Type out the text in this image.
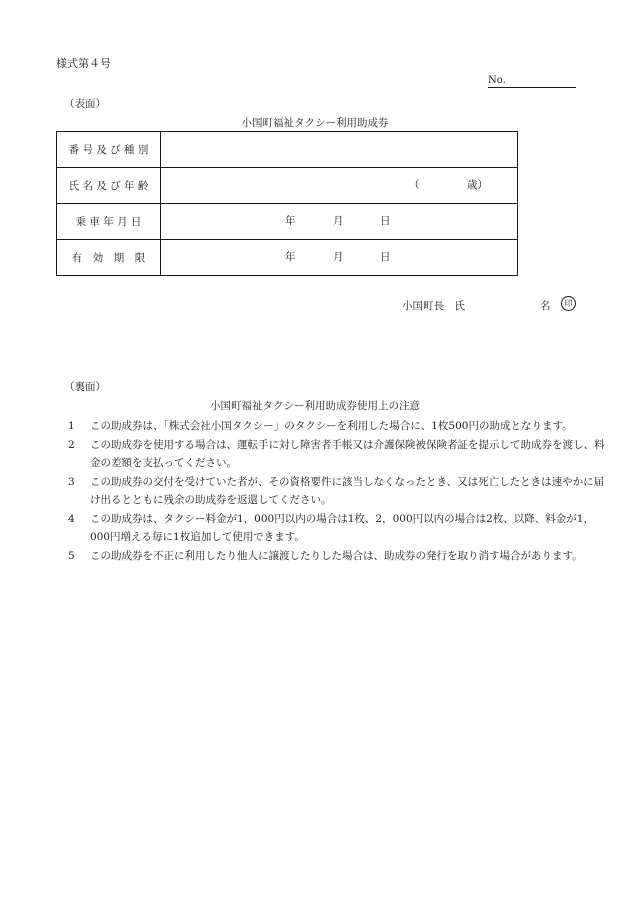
様式第４号
No.
（表面）
小国町福祉タクシー利用助成券
番 号 及 び 種 別	

氏 名 及 び 年 齢	（ 歳）

乗 車 年 月 日	年 月 日

有　効　期　限	年 月 日
小国町長　氏	名	印
（裏面）
小国町福祉タクシー利用助成券使用上の注意
1	この助成券は、「株式会社小国タクシー」のタクシーを利用した場合に、1枚500円の助成となります。
2	この助成券を使用する場合は、運転手に対し障害者手帳又は介護保険被保険者証を提示して助成券を渡し、料金の差額を支払ってください。
3	この助成券の交付を受けていた者が、その資格要件に該当しなくなったとき、又は死亡したときは速やかに届け出るとともに残余の助成券を返還してください。
4	この助成券は、タクシー料金が1，000円以内の場合は1枚、2，000円以内の場合は2枚、以降、料金が1，000円増える毎に1枚追加して使用できます。
5	この助成券を不正に利用したり他人に譲渡したりした場合は、助成券の発行を取り消す場合があります。
